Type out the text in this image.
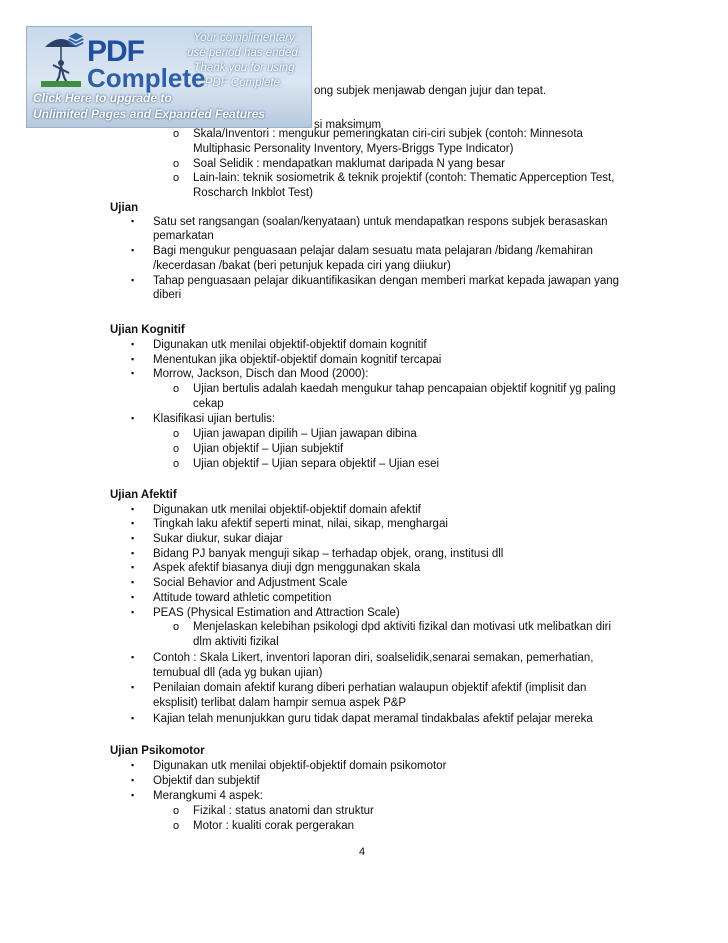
PDF
Complete
Your complimentary
use period has ended.
Thank you for using
PDF Complete.
Click Here to upgrade to
Unlimited Pages and Expanded Features
ong subjek menjawab dengan jujur dan tepat.
si maksimum
o Skala/Inventori : mengukur pemeringkatan ciri-ciri subjek (contoh: Minnesota
Multiphasic Personality Inventory, Myers-Briggs Type Indicator)
o Soal Selidik : mendapatkan maklumat daripada N yang besar
o Lain-lain: teknik sosiometrik & teknik projektif (contoh: Thematic Apperception Test,
Roscharch Inkblot Test)
Ujian
▪ Satu set rangsangan (soalan/kenyataan) untuk mendapatkan respons subjek berasaskan
pemarkatan
▪ Bagi mengukur penguasaan pelajar dalam sesuatu mata pelajaran /bidang /kemahiran
/kecerdasan /bakat (beri petunjuk kepada ciri yang diiukur)
▪ Tahap penguasaan pelajar dikuantifikasikan dengan memberi markat kepada jawapan yang
diberi
Ujian Kognitif
▪ Digunakan utk menilai objektif-objektif domain kognitif
▪ Menentukan jika objektif-objektif domain kognitif tercapai
▪ Morrow, Jackson, Disch dan Mood (2000):
o Ujian bertulis adalah kaedah mengukur tahap pencapaian objektif kognitif yg paling
cekap
▪ Klasifikasi ujian bertulis:
o Ujian jawapan dipilih – Ujian jawapan dibina
o Ujian objektif – Ujian subjektif
o Ujian objektif – Ujian separa objektif – Ujian esei
Ujian Afektif
▪ Digunakan utk menilai objektif-objektif domain afektif
▪ Tingkah laku afektif seperti minat, nilai, sikap, menghargai
▪ Sukar diukur, sukar diajar
▪ Bidang PJ banyak menguji sikap – terhadap objek, orang, institusi dll
▪ Aspek afektif biasanya diuji dgn menggunakan skala
▪ Social Behavior and Adjustment Scale
▪ Attitude toward athletic competition
▪ PEAS (Physical Estimation and Attraction Scale)
o Menjelaskan kelebihan psikologi dpd aktiviti fizikal dan motivasi utk melibatkan diri
dlm aktiviti fizikal
▪ Contoh : Skala Likert, inventori laporan diri, soalselidik,senarai semakan, pemerhatian,
temubual dll (ada yg bukan ujian)
▪ Penilaian domain afektif kurang diberi perhatian walaupun objektif afektif (implisit dan
eksplisit) terlibat dalam hampir semua aspek P&P
▪ Kajian telah menunjukkan guru tidak dapat meramal tindakbalas afektif pelajar mereka
Ujian Psikomotor
▪ Digunakan utk menilai objektif-objektif domain psikomotor
▪ Objektif dan subjektif
▪ Merangkumi 4 aspek:
o Fizikal : status anatomi dan struktur
o Motor : kualiti corak pergerakan
4
